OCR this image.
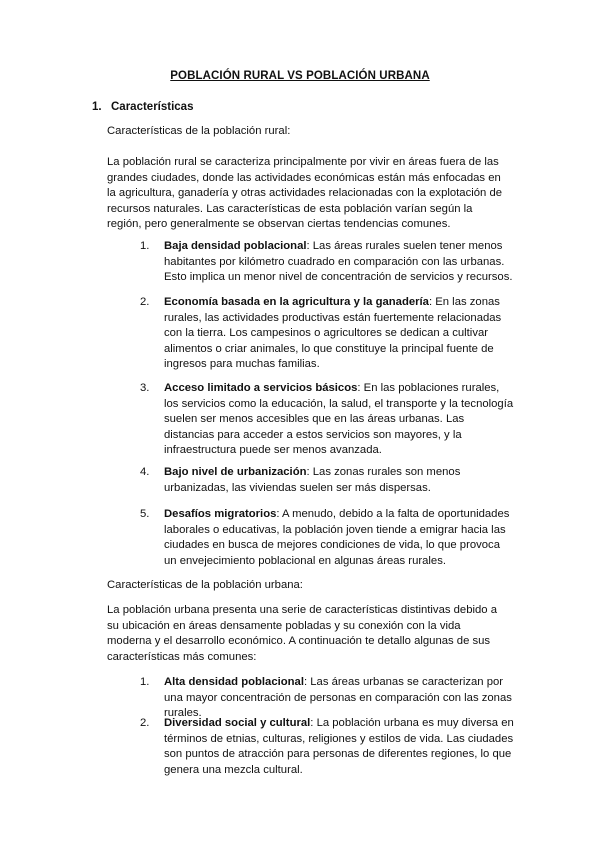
POBLACIÓN RURAL VS POBLACIÓN URBANA
1. Características

Características de la población rural:

La población rural se caracteriza principalmente por vivir en áreas fuera de las grandes ciudades, donde las actividades económicas están más enfocadas en la agricultura, ganadería y otras actividades relacionadas con la explotación de recursos naturales. Las características de esta población varían según la región, pero generalmente se observan ciertas tendencias comunes.

1.	Baja densidad poblacional: Las áreas rurales suelen tener menos habitantes por kilómetro cuadrado en comparación con las urbanas. Esto implica un menor nivel de concentración de servicios y recursos.
2.	Economía basada en la agricultura y la ganadería: En las zonas rurales, las actividades productivas están fuertemente relacionadas con la tierra. Los campesinos o agricultores se dedican a cultivar alimentos o criar animales, lo que constituye la principal fuente de ingresos para muchas familias.
3.	Acceso limitado a servicios básicos: En las poblaciones rurales, los servicios como la educación, la salud, el transporte y la tecnología suelen ser menos accesibles que en las áreas urbanas. Las distancias para acceder a estos servicios son mayores, y la infraestructura puede ser menos avanzada.
4.	Bajo nivel de urbanización: Las zonas rurales son menos urbanizadas, las viviendas suelen ser más dispersas.
5.	Desafíos migratorios: A menudo, debido a la falta de oportunidades laborales o educativas, la población joven tiende a emigrar hacia las ciudades en busca de mejores condiciones de vida, lo que provoca un envejecimiento poblacional en algunas áreas rurales.

Características de la población urbana:

La población urbana presenta una serie de características distintivas debido a su ubicación en áreas densamente pobladas y su conexión con la vida moderna y el desarrollo económico. A continuación te detallo algunas de sus características más comunes:

1.	Alta densidad poblacional: Las áreas urbanas se caracterizan por una mayor concentración de personas en comparación con las zonas rurales.
2.	Diversidad social y cultural: La población urbana es muy diversa en términos de etnias, culturas, religiones y estilos de vida. Las ciudades son puntos de atracción para personas de diferentes regiones, lo que genera una mezcla cultural.
